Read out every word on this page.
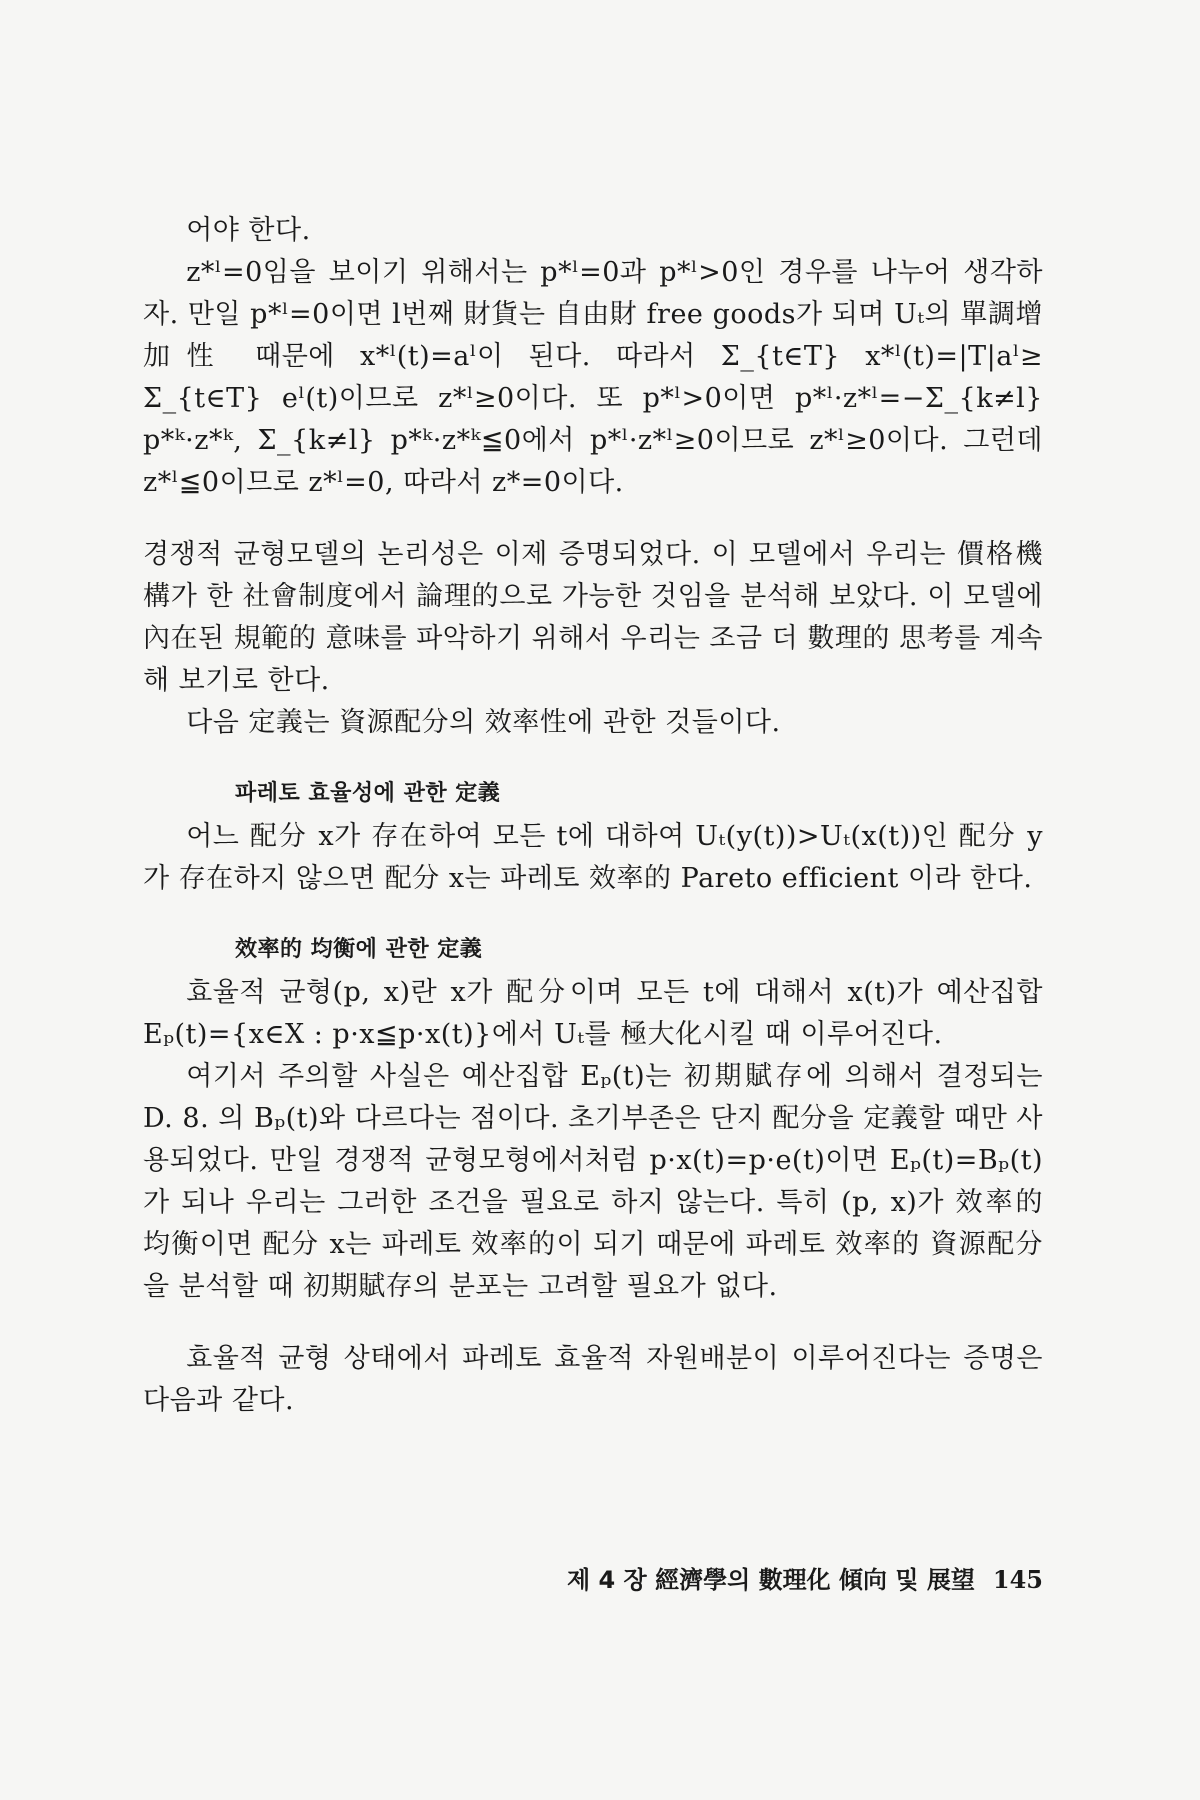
어야 한다.

z*ˡ=0임을 보이기 위해서는 p*ˡ=0과 p*ˡ>0인 경우를 나누어 생각하자. 만일 p*ˡ=0이면 l번째 財貨는 自由財 free goods가 되며 Uₜ의 單調增加性 때문에 x*ˡ(t)=aˡ이 된다. 따라서 Σ_{t∈T} x*ˡ(t)=|T|aˡ≥ Σ_{t∈T} eˡ(t)이므로 z*ˡ≥0이다. 또 p*ˡ>0이면 p*ˡ·z*ˡ=−Σ_{k≠l} p*ᵏ·z*ᵏ, Σ_{k≠l} p*ᵏ·z*ᵏ≦0에서 p*ˡ·z*ˡ≥0이므로 z*ˡ≥0이다. 그런데 z*ˡ≦0이므로 z*ˡ=0, 따라서 z*=0이다.

경쟁적 균형모델의 논리성은 이제 증명되었다. 이 모델에서 우리는 價格機構가 한 社會制度에서 論理的으로 가능한 것임을 분석해 보았다. 이 모델에 內在된 規範的 意味를 파악하기 위해서 우리는 조금 더 數理的 思考를 계속해 보기로 한다.

다음 定義는 資源配分의 效率性에 관한 것들이다.

파레토 효율성에 관한 定義

어느 配分 x가 存在하여 모든 t에 대하여 Uₜ(y(t))>Uₜ(x(t))인 配分 y가 存在하지 않으면 配分 x는 파레토 效率的 Pareto efficient 이라 한다.

效率的 均衡에 관한 定義

효율적 균형(p, x)란 x가 配分이며 모든 t에 대해서 x(t)가 예산집합 Eₚ(t)={x∈X : p·x≦p·x(t)}에서 Uₜ를 極大化시킬 때 이루어진다.

여기서 주의할 사실은 예산집합 Eₚ(t)는 初期賦存에 의해서 결정되는 D. 8. 의 Bₚ(t)와 다르다는 점이다. 초기부존은 단지 配分을 定義할 때만 사용되었다. 만일 경쟁적 균형모형에서처럼 p·x(t)=p·e(t)이면 Eₚ(t)=Bₚ(t)가 되나 우리는 그러한 조건을 필요로 하지 않는다. 특히 (p, x)가 效率的 均衡이면 配分 x는 파레토 效率的이 되기 때문에 파레토 效率的 資源配分을 분석할 때 初期賦存의 분포는 고려할 필요가 없다.

효율적 균형 상태에서 파레토 효율적 자원배분이 이루어진다는 증명은 다음과 같다.

제 4 장 經濟學의 數理化 傾向 및 展望 145
